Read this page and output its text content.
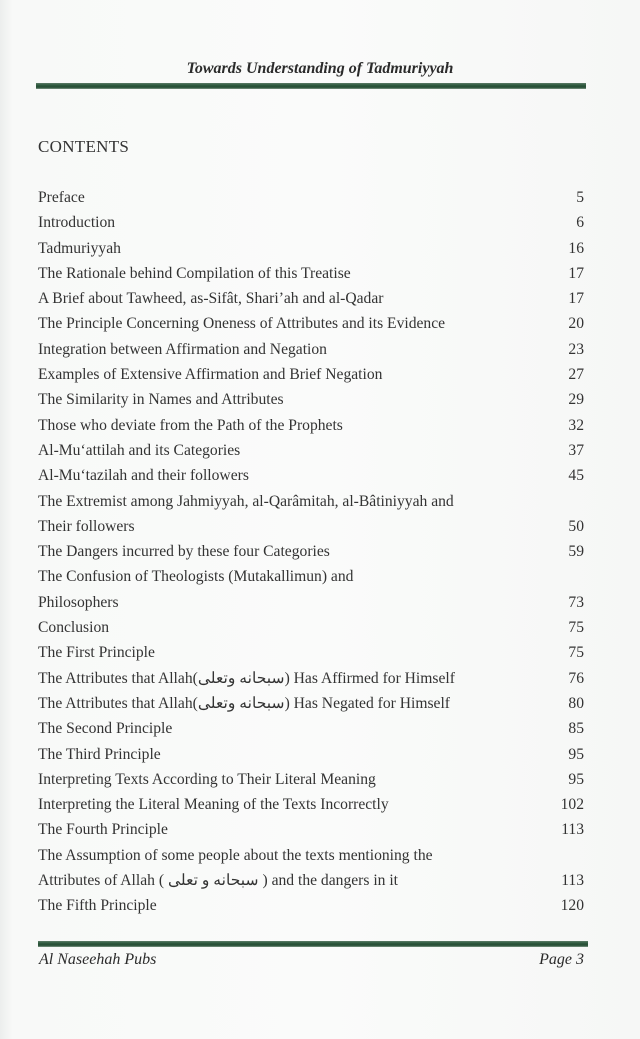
Towards Understanding of Tadmuriyyah
CONTENTS
Preface	5
Introduction	6
Tadmuriyyah	16
The Rationale behind Compilation of this Treatise	17
A Brief about Tawheed, as-Sifât, Shari’ah and al-Qadar	17
The Principle Concerning Oneness of Attributes and its Evidence	20
Integration between Affirmation and Negation	23
Examples of Extensive Affirmation and Brief Negation	27
The Similarity in Names and Attributes	29
Those who deviate from the Path of the Prophets	32
Al-Mu‘attilah and its Categories	37
Al-Mu‘tazilah and their followers	45
The Extremist among Jahmiyyah, al-Qarâmitah, al-Bâtiniyyah and
Their followers	50
The Dangers incurred by these four Categories	59
The Confusion of Theologists (Mutakallimun) and
Philosophers	73
Conclusion	75
The First Principle	75
The Attributes that Allah(سبحانه وتعلى) Has Affirmed for Himself	76
The Attributes that Allah(سبحانه وتعلى) Has Negated for Himself	80
The Second Principle	85
The Third Principle	95
Interpreting Texts According to Their Literal Meaning	95
Interpreting the Literal Meaning of the Texts Incorrectly	102
The Fourth Principle	113
The Assumption of some people about the texts mentioning the
Attributes of Allah ( سبحانه و تعلى ) and the dangers in it	113
The Fifth Principle	120
Al Naseehah Pubs	Page 3
